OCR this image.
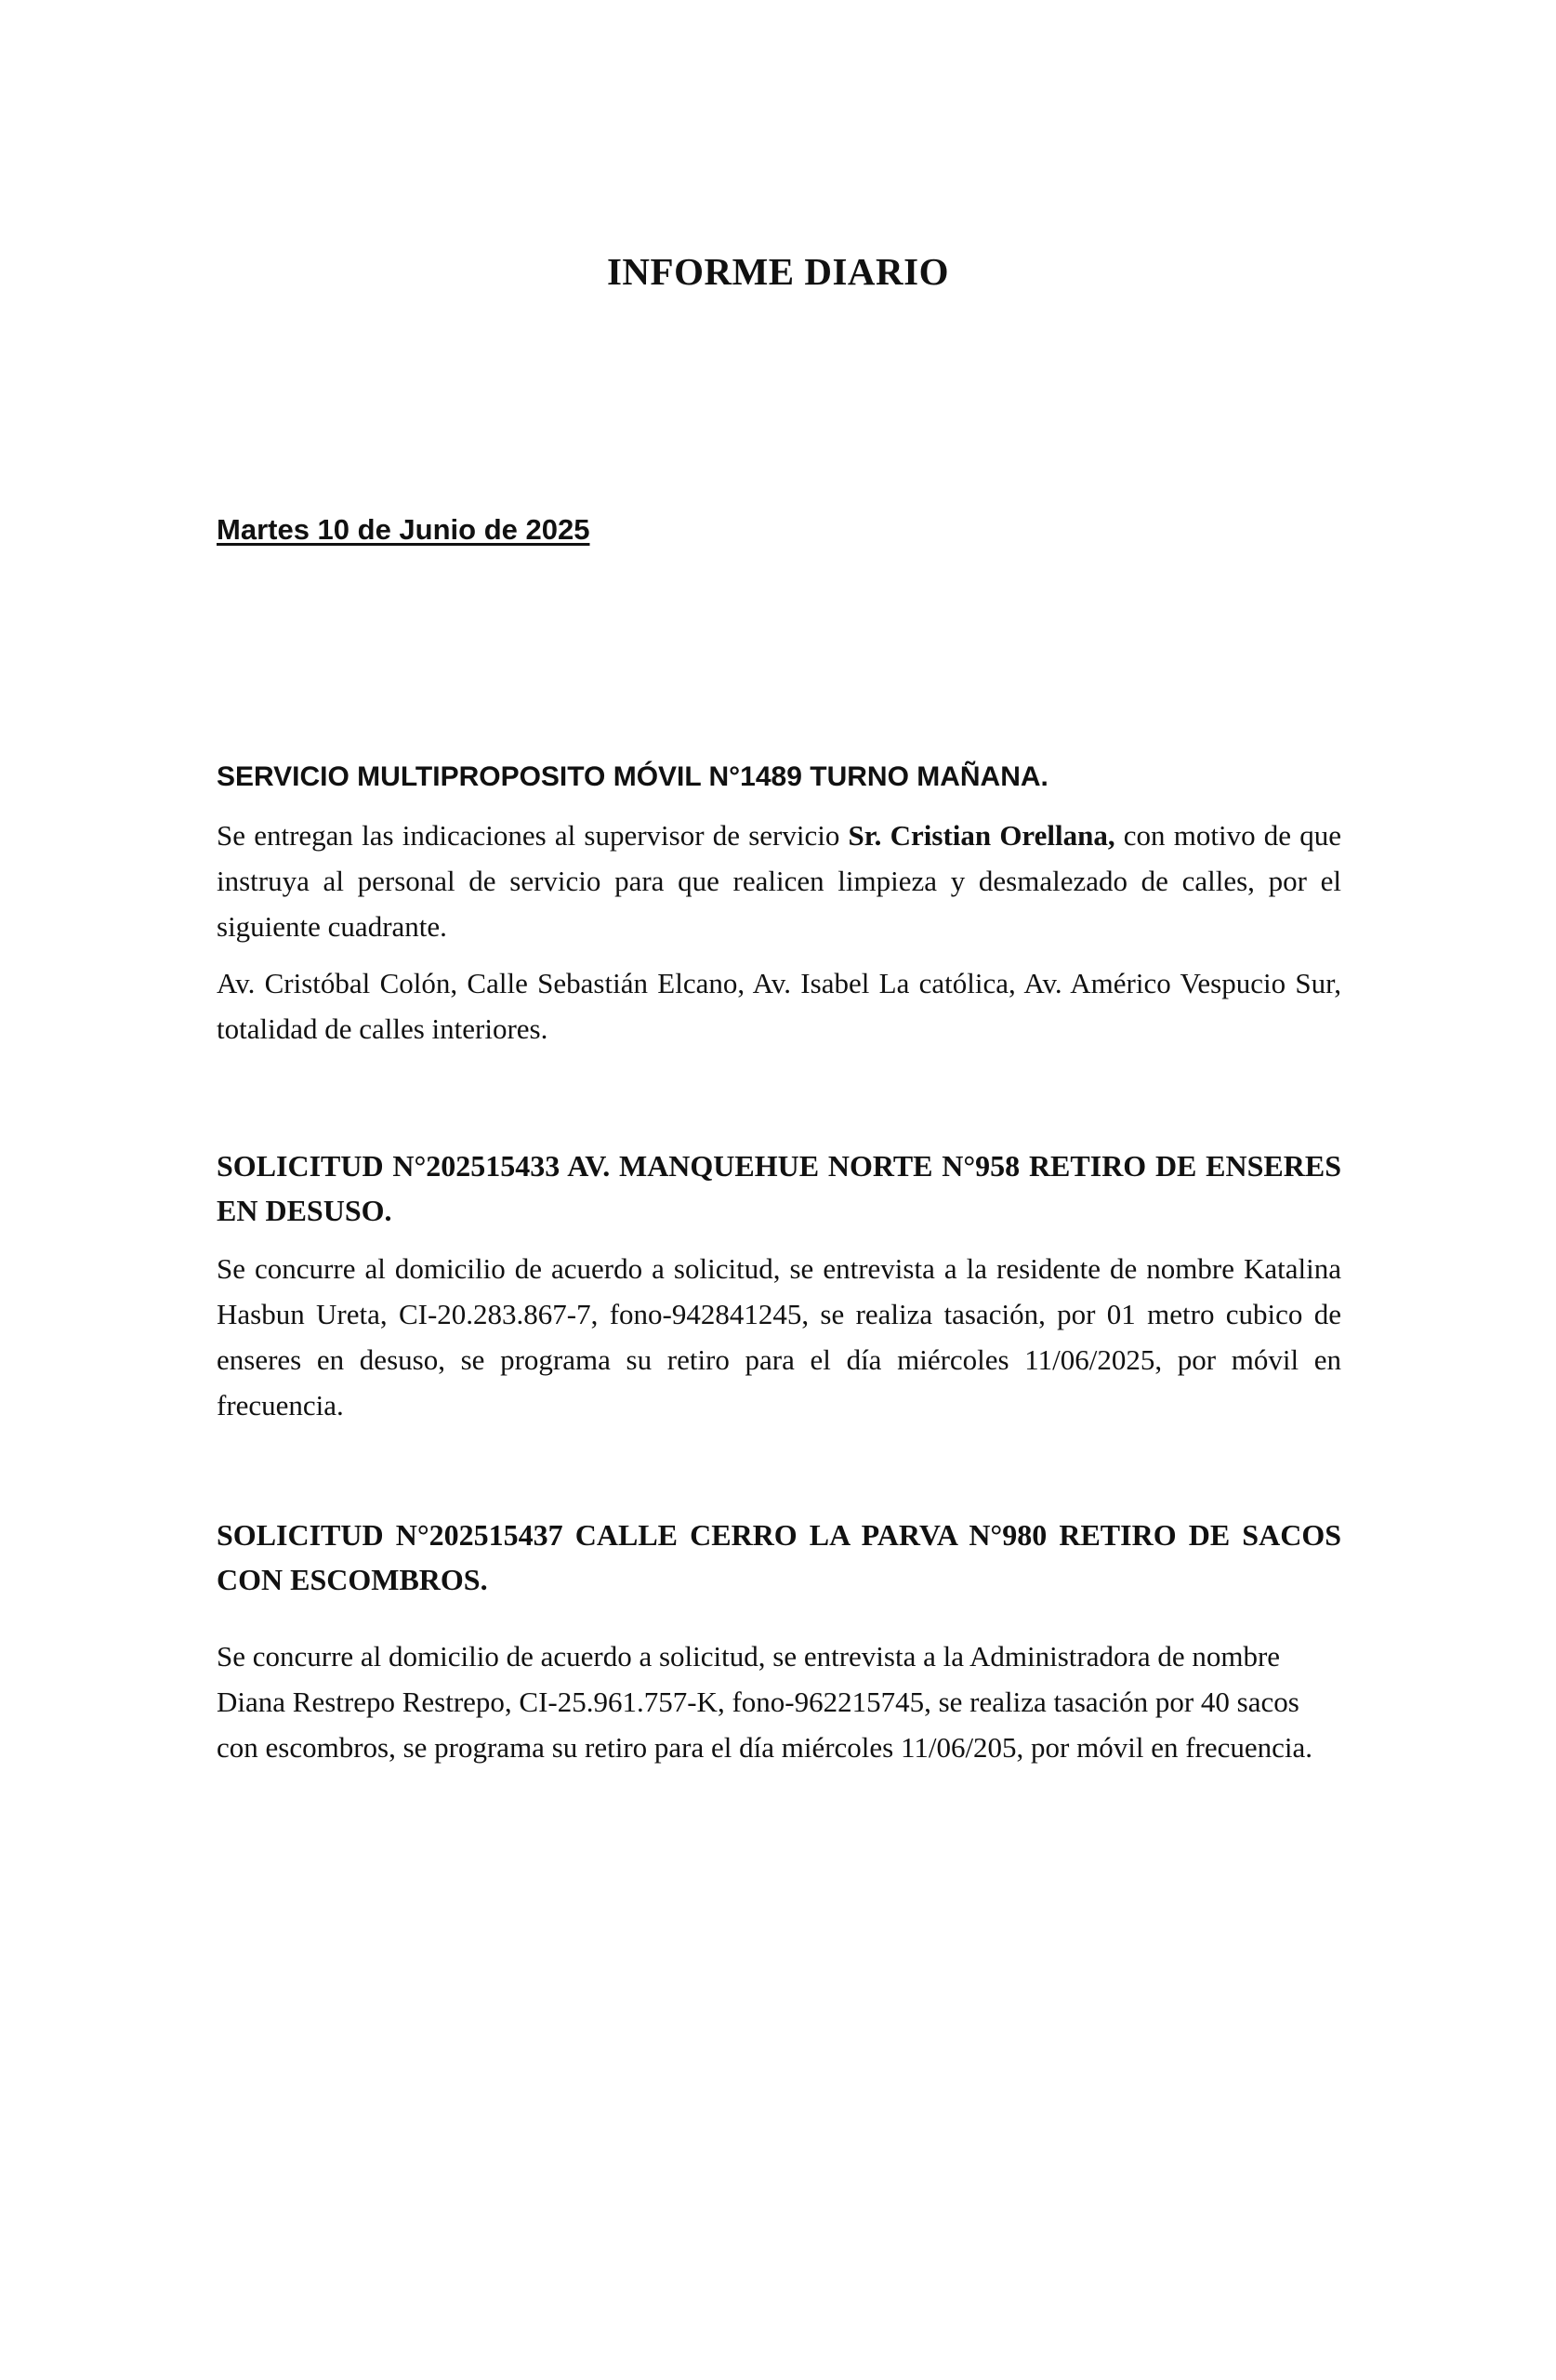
INFORME DIARIO
Martes 10 de Junio de 2025

SERVICIO MULTIPROPOSITO MÓVIL N°1489 TURNO MAÑANA.

Se entregan las indicaciones al supervisor de servicio Sr. Cristian Orellana, con motivo de que instruya al personal de servicio para que realicen limpieza y desmalezado de calles, por el siguiente cuadrante.

Av. Cristóbal Colón, Calle Sebastián Elcano, Av. Isabel La católica, Av. Américo Vespucio Sur, totalidad de calles interiores.

SOLICITUD N°202515433 AV. MANQUEHUE NORTE N°958 RETIRO DE ENSERES EN DESUSO.

Se concurre al domicilio de acuerdo a solicitud, se entrevista a la residente de nombre Katalina Hasbun Ureta, CI-20.283.867-7, fono-942841245, se realiza tasación, por 01 metro cubico de enseres en desuso, se programa su retiro para el día miércoles 11/06/2025, por móvil en frecuencia.

SOLICITUD N°202515437 CALLE CERRO LA PARVA N°980 RETIRO DE SACOS CON ESCOMBROS.

Se concurre al domicilio de acuerdo a solicitud, se entrevista a la Administradora de nombre Diana Restrepo Restrepo, CI-25.961.757-K, fono-962215745, se realiza tasación por 40 sacos con escombros, se programa su retiro para el día miércoles 11/06/205, por móvil en frecuencia.
